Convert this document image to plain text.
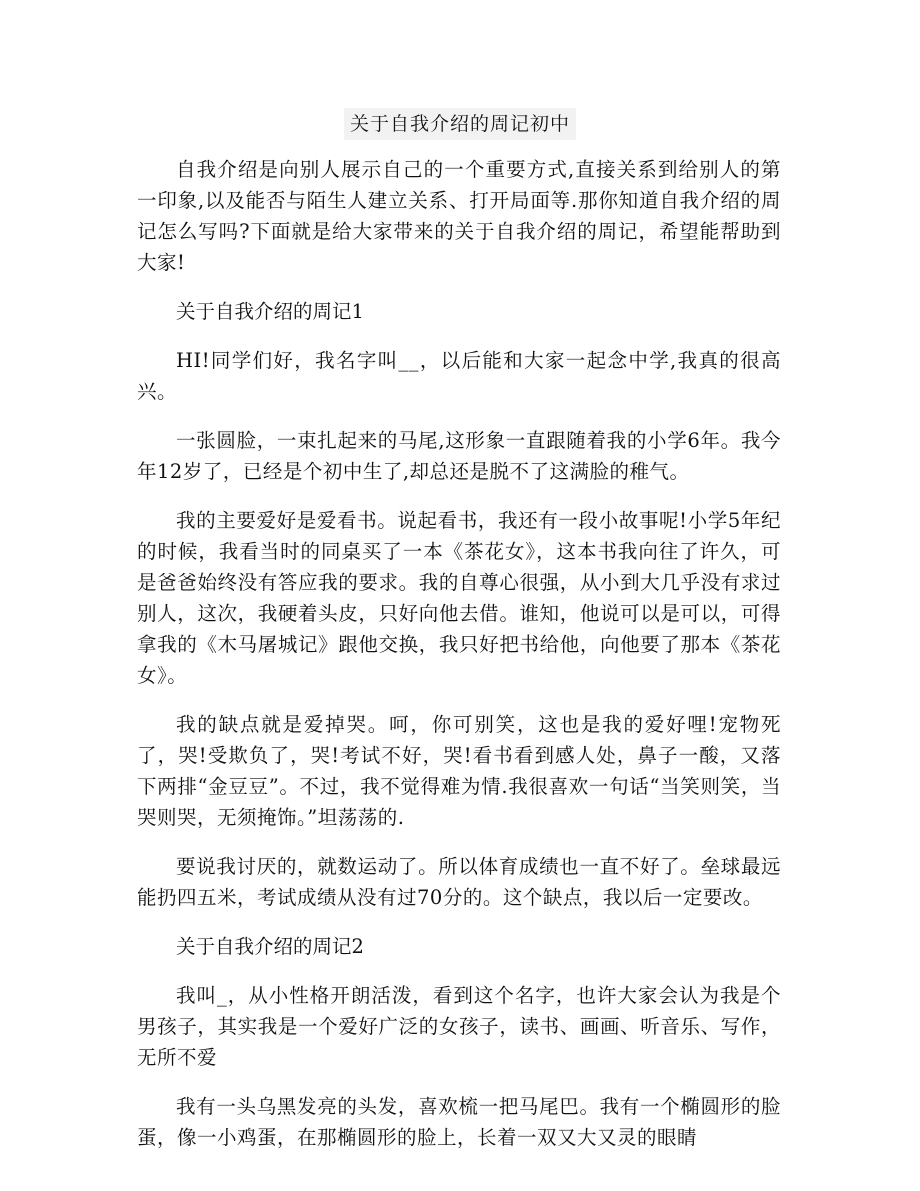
关于自我介绍的周记初中

自我介绍是向别人展示自己的一个重要方式,直接关系到给别人的第一印象,以及能否与陌生人建立关系、打开局面等.那你知道自我介绍的周记怎么写吗?下面就是给大家带来的关于自我介绍的周记，希望能帮助到大家!

关于自我介绍的周记1

HI!同学们好，我名字叫__，以后能和大家一起念中学,我真的很高兴。

一张圆脸，一束扎起来的马尾,这形象一直跟随着我的小学6年。我今年12岁了，已经是个初中生了,却总还是脱不了这满脸的稚气。

我的主要爱好是爱看书。说起看书，我还有一段小故事呢!小学5年纪的时候，我看当时的同桌买了一本《茶花女》，这本书我向往了许久，可是爸爸始终没有答应我的要求。我的自尊心很强，从小到大几乎没有求过别人，这次，我硬着头皮，只好向他去借。谁知，他说可以是可以，可得拿我的《木马屠城记》跟他交换，我只好把书给他，向他要了那本《茶花女》。

我的缺点就是爱掉哭。呵，你可别笑，这也是我的爱好哩!宠物死了，哭!受欺负了，哭!考试不好，哭!看书看到感人处，鼻子一酸，又落下两排“金豆豆”。不过，我不觉得难为情.我很喜欢一句话“当笑则笑，当哭则哭，无须掩饰。”坦荡荡的.

要说我讨厌的，就数运动了。所以体育成绩也一直不好了。垒球最远能扔四五米，考试成绩从没有过70分的。这个缺点，我以后一定要改。

关于自我介绍的周记2

我叫_，从小性格开朗活泼，看到这个名字，也许大家会认为我是个男孩子，其实我是一个爱好广泛的女孩子，读书、画画、听音乐、写作，无所不爱

我有一头乌黑发亮的头发，喜欢梳一把马尾巴。我有一个椭圆形的脸蛋，像一小鸡蛋，在那椭圆形的脸上，长着一双又大又灵的眼睛
